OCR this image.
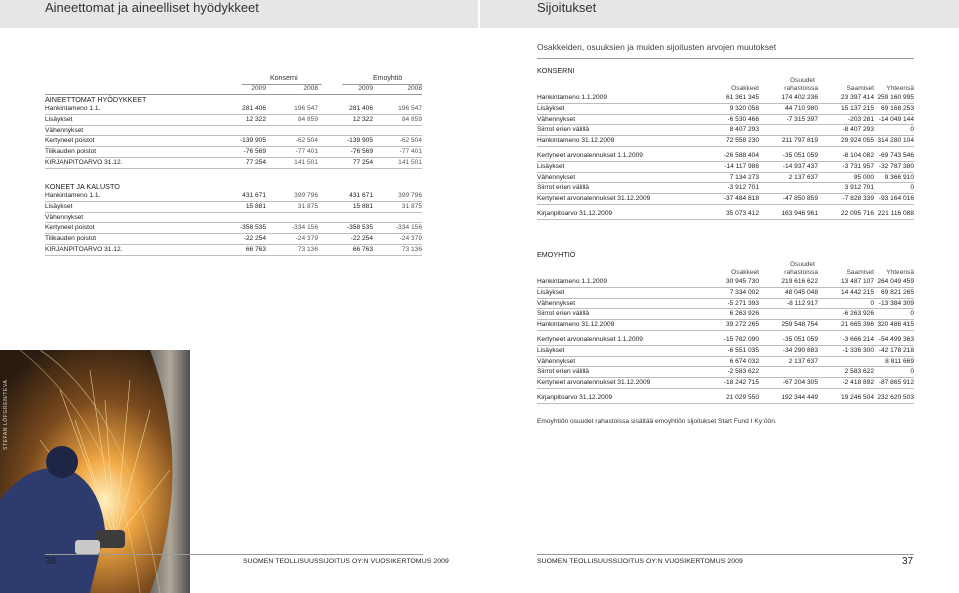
Aineettomat ja aineelliset hyödykkeet
Konserni	Emoyhtiö
	2009	2008	2009	2008
AINEETTOMAT HYÖDYKKEET
Hankintameno 1.1.	281 406	196 547	281 406	196 547
Lisäykset	12 322	84 859	12 322	84 859
Vähennykset				
Kertyneet poistot	-139 905	-62 504	-139 905	-62 504
Tilikauden poistot	-76 569	-77 401	-76 569	-77 401
KIRJANPITOARVO 31.12.	77 254	141 501	77 254	141 501
KONEET JA KALUSTO
Hankintameno 1.1.	431 671	399 796	431 671	399 796
Lisäykset	15 881	31 875	15 881	31 875
Vähennykset				
Kertyneet poistot	-358 535	-334 156	-358 535	-334 156
Tilikauden poistot	-22 254	-24 379	-22 254	-24 379
KIRJANPITOARVO 31.12.	66 763	73 136	66 763	73 136
STEFAN LÖFGREN/TEVA
36	SUOMEN TEOLLISUUSSIJOITUS OY:N VUOSIKERTOMUS 2009
Sijoitukset
Osakkeiden, osuuksien ja muiden sijoitusten arvojen muutokset
KONSERNI
Osuudet
	Osakkeet	rahastoissa	Saamiset	Yhteensä
Hankintameno 1.1.2009	61 361 345	174 402 236	23 397 414	259 160 995
Lisäykset	9 320 058	44 710 980	15 137 215	69 168 253
Vähennykset	-6 530 466	-7 315 397	-203 281	-14 049 144
Siirrot erien välillä	8 407 293		-8 407 293	0
Hankintameno 31.12.2009	72 558 230	211 797 819	29 924 055	314 280 104
Kertyneet arvonalennukset 1.1.2009	-26 588 404	-35 051 059	-8 104 082	-69 743 546
Lisäykset	-14 117 986	-14 937 437	-3 731 957	-32 787 380
Vähennykset	7 134 273	2 137 637	95 000	9 366 910
Siirrot erien välillä	-3 912 701		3 912 701	0
Kertyneet arvonalennukset 31.12.2009	-37 484 818	-47 850 859	-7 828 339	-93 164 016
Kirjanpitoarvo 31.12.2009	35 073 412	163 946 961	22 095 716	221 116 088
EMOYHTIÖ
Osuudet
	Osakkeet	rahastoissa	Saamiset	Yhteensä
Hankintameno 1.1.2009	30 945 730	219 616 622	13 487 107	264 049 459
Lisäykset	7 334 002	48 045 048	14 442 215	69 821 265
Vähennykset	-5 271 393	-8 112 917	0	-13 384 309
Siirrot erien välillä	6 263 926		-6 263 926	0
Hankintameno 31.12.2009	39 272 265	259 548 754	21 665 396	320 486 415
Kertyneet arvonalennukset 1.1.2009	-15 782 090	-35 051 059	-3 666 214	-54 499 363
Lisäykset	-6 551 035	-34 290 883	-1 336 300	-42 178 218
Vähennykset	6 674 032	2 137 637		8 811 669
Siirrot erien välillä	-2 583 622		2 583 622	0
Kertyneet arvonalennukset 31.12.2009	-18 242 715	-67 204 305	-2 418 892	-87 865 912
Kirjanpitoarvo 31.12.2009	21 029 550	192 344 449	19 246 504	232 620 503
Emoyhtiön osuudet rahastoissa sisältää emoyhtiön sijoitukset Start Fund I Ky:öön.
SUOMEN TEOLLISUUSSIJOITUS OY:N VUOSIKERTOMUS 2009	37
